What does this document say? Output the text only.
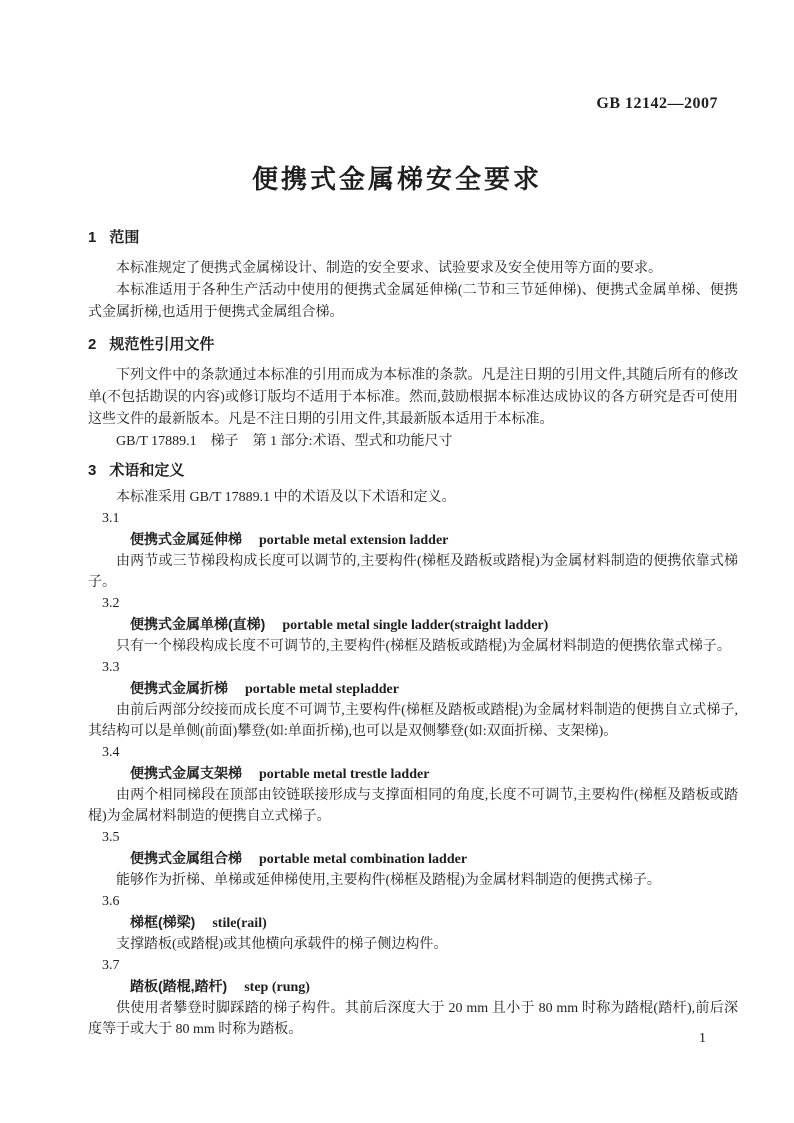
GB 12142—2007
便携式金属梯安全要求
1 范围

本标准规定了便携式金属梯设计、制造的安全要求、试验要求及安全使用等方面的要求。

本标准适用于各种生产活动中使用的便携式金属延伸梯(二节和三节延伸梯)、便携式金属单梯、便携式金属折梯,也适用于便携式金属组合梯。

2 规范性引用文件

下列文件中的条款通过本标准的引用而成为本标准的条款。凡是注日期的引用文件,其随后所有的修改单(不包括勘误的内容)或修订版均不适用于本标准。然而,鼓励根据本标准达成协议的各方研究是否可使用这些文件的最新版本。凡是不注日期的引用文件,其最新版本适用于本标准。

GB/T 17889.1　梯子　第 1 部分:术语、型式和功能尺寸

3 术语和定义

本标准采用 GB/T 17889.1 中的术语及以下术语和定义。

3.1
便携式金属延伸梯 portable metal extension ladder

由两节或三节梯段构成长度可以调节的,主要构件(梯框及踏板或踏棍)为金属材料制造的便携依靠式梯子。

3.2
便携式金属单梯(直梯) portable metal single ladder(straight ladder)

只有一个梯段构成长度不可调节的,主要构件(梯框及踏板或踏棍)为金属材料制造的便携依靠式梯子。

3.3
便携式金属折梯 portable metal stepladder

由前后两部分绞接而成长度不可调节,主要构件(梯框及踏板或踏棍)为金属材料制造的便携自立式梯子,其结构可以是单侧(前面)攀登(如:单面折梯),也可以是双侧攀登(如:双面折梯、支架梯)。

3.4
便携式金属支架梯 portable metal trestle ladder

由两个相同梯段在顶部由铰链联接形成与支撑面相同的角度,长度不可调节,主要构件(梯框及踏板或踏棍)为金属材料制造的便携自立式梯子。

3.5
便携式金属组合梯 portable metal combination ladder

能够作为折梯、单梯或延伸梯使用,主要构件(梯框及踏棍)为金属材料制造的便携式梯子。

3.6
梯框(梯梁) stile(rail)

支撑踏板(或踏棍)或其他横向承载件的梯子侧边构件。

3.7
踏板(踏棍,踏杆) step (rung)

供使用者攀登时脚踩踏的梯子构件。其前后深度大于 20 mm 且小于 80 mm 时称为踏棍(踏杆),前后深度等于或大于 80 mm 时称为踏板。

1
